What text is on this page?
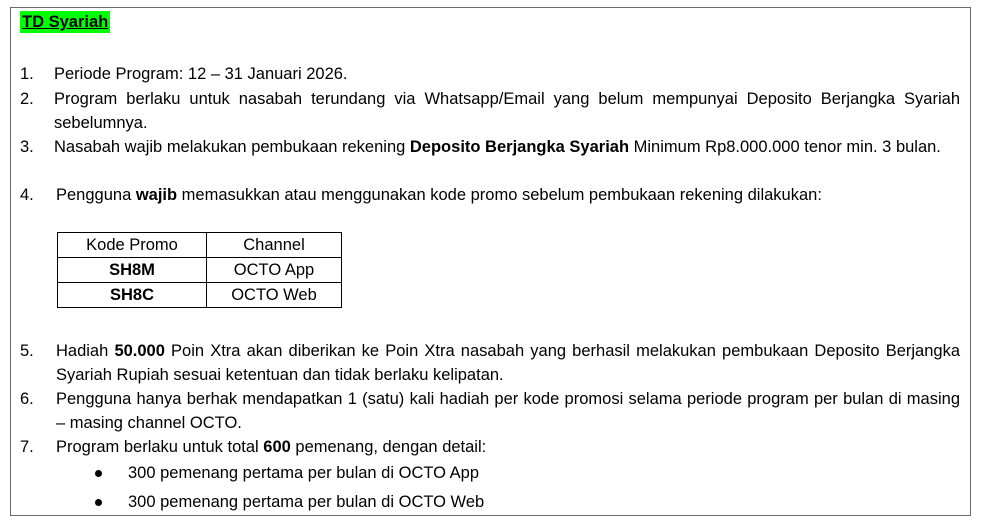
TD Syariah
1.	Periode Program: 12 – 31 Januari 2026.
2.	Program berlaku untuk nasabah terundang via Whatsapp/Email yang belum mempunyai Deposito Berjangka Syariah sebelumnya.
3.	Nasabah wajib melakukan pembukaan rekening Deposito Berjangka Syariah Minimum Rp8.000.000 tenor min. 3 bulan.
4.	Pengguna wajib memasukkan atau menggunakan kode promo sebelum pembukaan rekening dilakukan:
Kode Promo	Channel
SH8M	OCTO App
SH8C	OCTO Web
5.	Hadiah 50.000 Poin Xtra akan diberikan ke Poin Xtra nasabah yang berhasil melakukan pembukaan Deposito Berjangka Syariah Rupiah sesuai ketentuan dan tidak berlaku kelipatan.
6.	Pengguna hanya berhak mendapatkan 1 (satu) kali hadiah per kode promosi selama periode program per bulan di masing – masing channel OCTO.
7.	Program berlaku untuk total 600 pemenang, dengan detail:
300 pemenang pertama per bulan di OCTO App
300 pemenang pertama per bulan di OCTO Web
